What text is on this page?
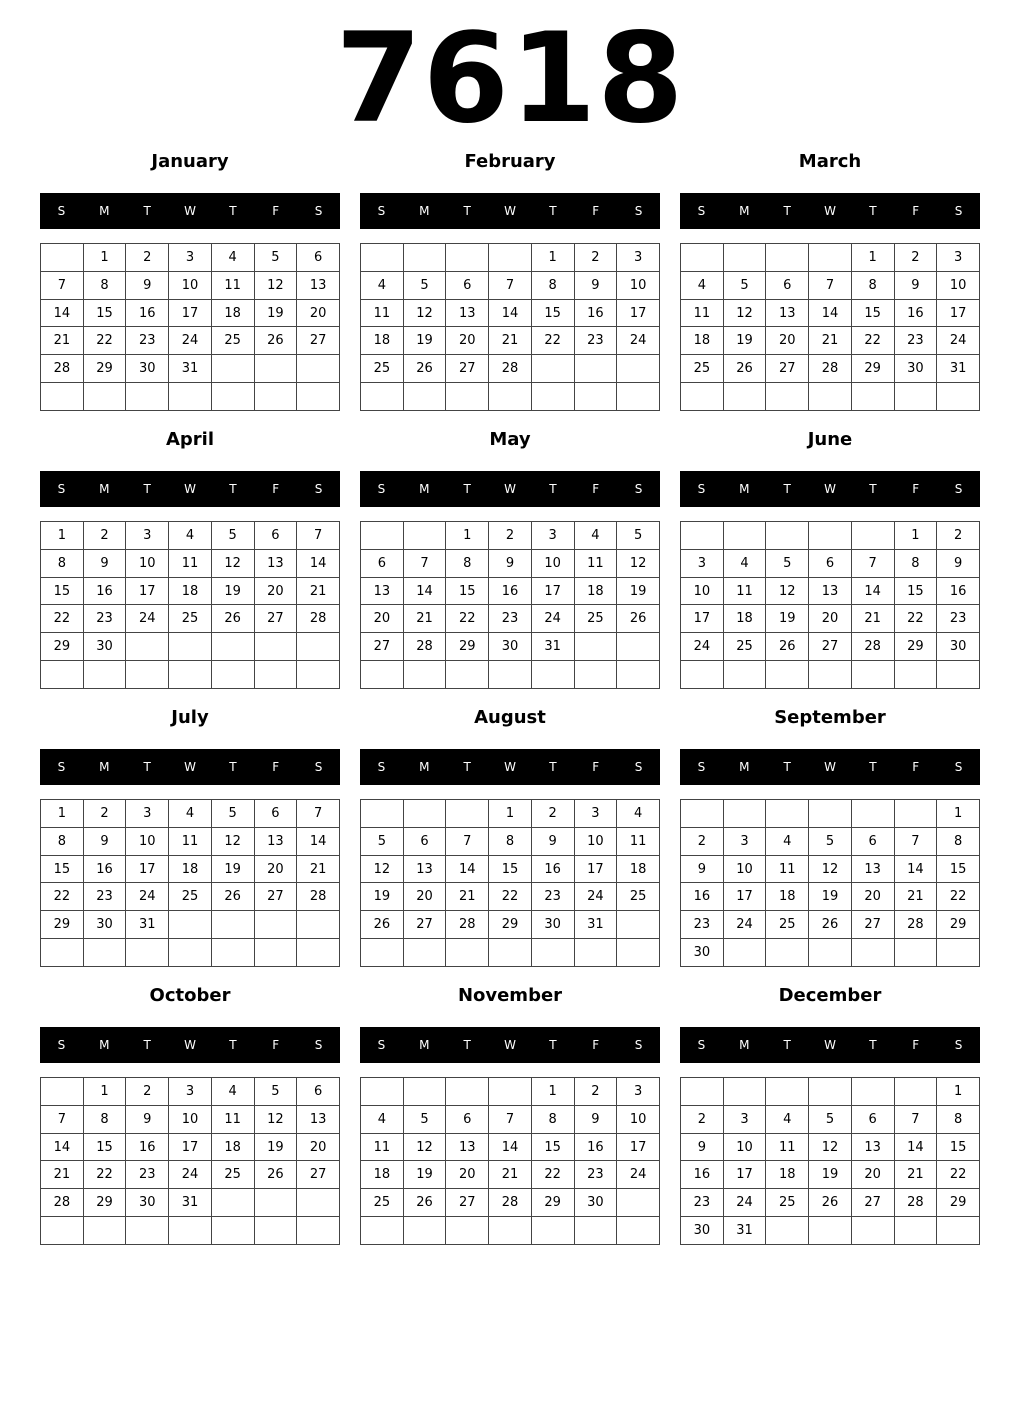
7618
January
S	M	T	W	T	F	S
	1	2	3	4	5	6
7	8	9	10	11	12	13
14	15	16	17	18	19	20
21	22	23	24	25	26	27
28	29	30	31			

February
S	M	T	W	T	F	S
				1	2	3
4	5	6	7	8	9	10
11	12	13	14	15	16	17
18	19	20	21	22	23	24
25	26	27	28			

March
S	M	T	W	T	F	S
				1	2	3
4	5	6	7	8	9	10
11	12	13	14	15	16	17
18	19	20	21	22	23	24
25	26	27	28	29	30	31

April
S	M	T	W	T	F	S
1	2	3	4	5	6	7
8	9	10	11	12	13	14
15	16	17	18	19	20	21
22	23	24	25	26	27	28
29	30					

May
S	M	T	W	T	F	S
		1	2	3	4	5
6	7	8	9	10	11	12
13	14	15	16	17	18	19
20	21	22	23	24	25	26
27	28	29	30	31		

June
S	M	T	W	T	F	S
					1	2
3	4	5	6	7	8	9
10	11	12	13	14	15	16
17	18	19	20	21	22	23
24	25	26	27	28	29	30

July
S	M	T	W	T	F	S
1	2	3	4	5	6	7
8	9	10	11	12	13	14
15	16	17	18	19	20	21
22	23	24	25	26	27	28
29	30	31				

August
S	M	T	W	T	F	S
			1	2	3	4
5	6	7	8	9	10	11
12	13	14	15	16	17	18
19	20	21	22	23	24	25
26	27	28	29	30	31	

September
S	M	T	W	T	F	S
						1
2	3	4	5	6	7	8
9	10	11	12	13	14	15
16	17	18	19	20	21	22
23	24	25	26	27	28	29
30						
October
S	M	T	W	T	F	S
	1	2	3	4	5	6
7	8	9	10	11	12	13
14	15	16	17	18	19	20
21	22	23	24	25	26	27
28	29	30	31			

November
S	M	T	W	T	F	S
				1	2	3
4	5	6	7	8	9	10
11	12	13	14	15	16	17
18	19	20	21	22	23	24
25	26	27	28	29	30	

December
S	M	T	W	T	F	S
						1
2	3	4	5	6	7	8
9	10	11	12	13	14	15
16	17	18	19	20	21	22
23	24	25	26	27	28	29
30	31					
